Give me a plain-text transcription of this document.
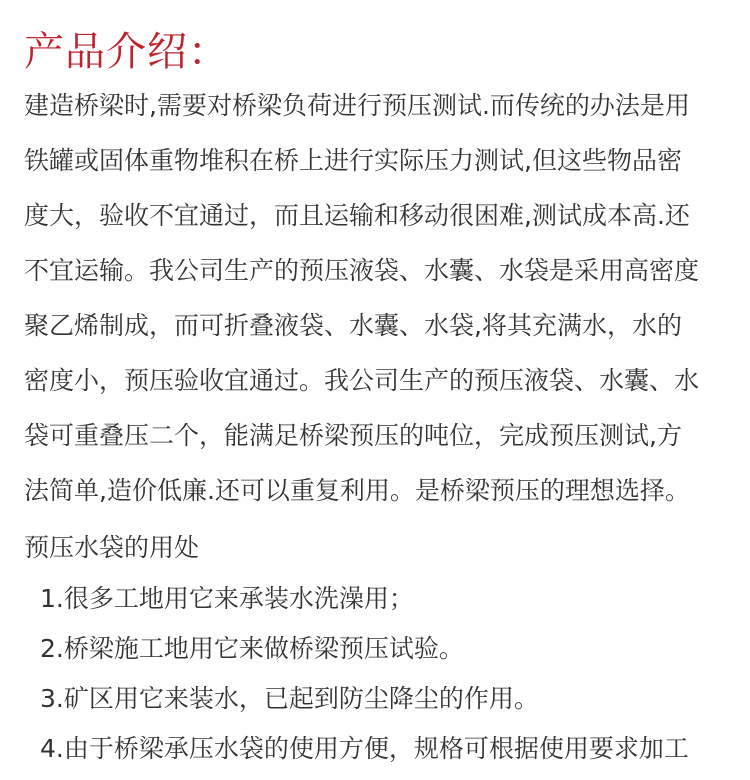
产品介绍：
建造桥梁时,需要对桥梁负荷进行预压测试.而传统的办法是用
铁罐或固体重物堆积在桥上进行实际压力测试,但这些物品密
度大，验收不宜通过，而且运输和移动很困难,测试成本高.还
不宜运输。我公司生产的预压液袋、水囊、水袋是采用高密度
聚乙烯制成，而可折叠液袋、水囊、水袋,将其充满水，水的
密度小，预压验收宜通过。我公司生产的预压液袋、水囊、水
袋可重叠压二个，能满足桥梁预压的吨位，完成预压测试,方
法简单,造价低廉.还可以重复利用。是桥梁预压的理想选择。
预压水袋的用处
1.很多工地用它来承装水洗澡用；
2.桥梁施工地用它来做桥梁预压试验。
3.矿区用它来装水，已起到防尘降尘的作用。
4.由于桥梁承压水袋的使用方便，规格可根据使用要求加工
